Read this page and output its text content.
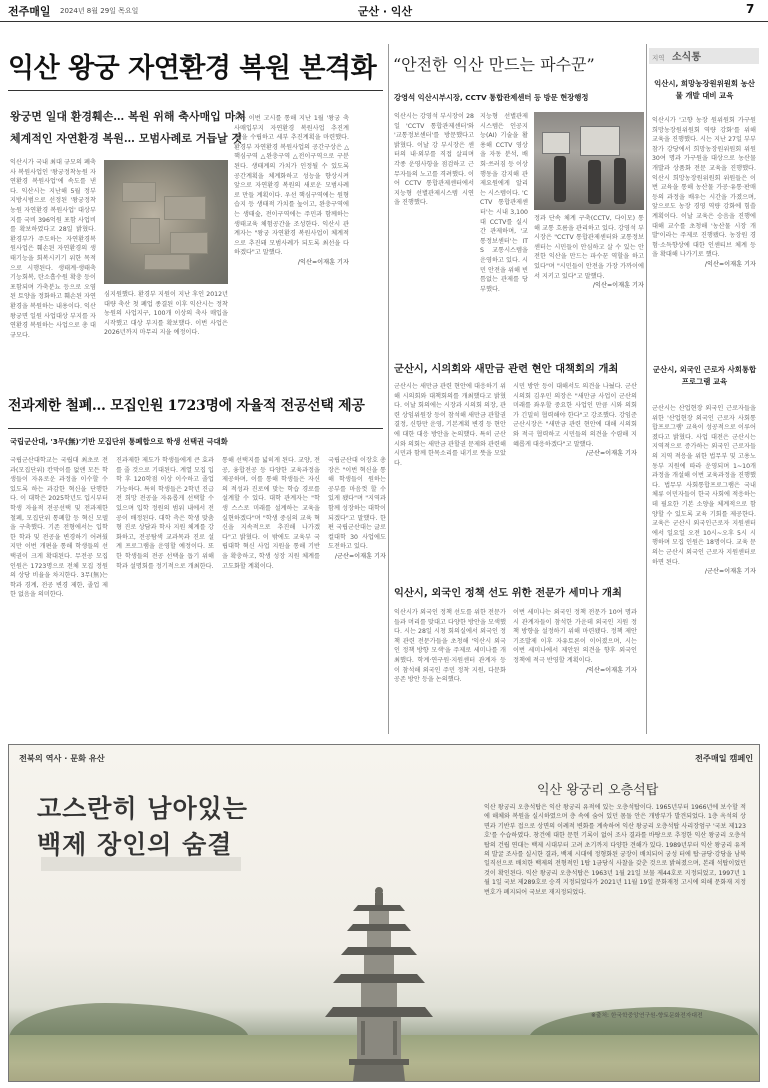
전주매일 2024년 8월 29일 목요일	군산 · 익산	7
익산 왕궁 자연환경 복원 본격화
왕궁면 일대 환경훼손… 복원 위해 축사매입 마쳐
체계적인 자연환경 복원… 모범사례로 거듭날 것
익산시가 국내 최대 규모의 폐축사 복원사업인 '왕궁정착농원 자연환경 복원사업'에 속도를 낸다. 익산시는 지난해 5월 정부 지방시범으로 선정된 '왕궁정착농원 자연환경 복원사업' 대상부지를 국비 396억원 포함 사업비를 확보하였다고 28일 밝혔다. 환경부가 주도하는 자연환경복원사업은 훼손된 자연환경의 생태기능을 회복시키기 위한 목적으로 시행된다. 생태계·생태축 기능회복, 탄소흡수원 확충 등이 포함되며 가축분뇨 등으로 오염된 토양을 정화하고 훼손된 자연환경을 복원하는 내용이다. 익산 왕궁면 일원 사업대상 부지를 자연환경 복원하는 사업으로 총 대규모다.
심지원했다. 환경부 지원이 지난 후인 2012년 대량 축산 첫 폐업 종결된 이후 익산시는 정착농원의 사업지구, 100개 이상의 축사 매입을 시작했고 대상 부지를 확보했다. 이번 사업은 2026년까지 마무리 지을 예정이다.
시는 이번 고시를 통해 지난 1월 '왕궁 축사매입부지 자연환경 복원사업 추진계획'을 수립하고 세부 추진계획을 마련했다. 환경부 자연환경 복원사업의 공간구상은 △핵심구역 △완충구역 △전이구역으로 구분된다. 생태계의 가치가 인정될 수 있도록 공간계획을 체계화하고 성능을 향상시켜 앞으로 자연환경 복원의 새로운 모범사례로 만들 계획이다. 우선 핵심구역에는 원형습지 등 생태적 가치를 높이고, 완충구역에는 생태숲, 전이구역에는 주민과 함께하는 생태교육 체험공간을 조성한다. 익산시 관계자는 "왕궁 자연환경 복원사업이 체계적으로 추진돼 모범사례가 되도록 최선을 다하겠다"고 말했다.
/익산=이재훈 기자
“안전한 익산 만드는 파수꾼”
강영석 익산시부시장, CCTV 통합관제센터 등 방문 현장행정
익산시는 강영석 부시장이 28일 'CCTV 통합관제센터'와 '교통정보센터'를 방문했다고 밝혔다. 이날 강 부시장은 센터의 내·외부를 직접 살피며 각종 운영사항을 점검하고 근무자들의 노고를 격려했다. 이어 CCTV 통합관제센터에서 지능형 선별관제시스템 시연을 진행했다.
지능형 선별관제시스템은 인공지능(AI) 기술을 활용해 CCTV 영상을 자동 분석, 배회·쓰러짐 등 이상 행동을 감지해 관제요원에게 알리는 시스템이다. 'CCTV 통합관제센터'는 시내 3,100대 CCTV를 실시간 관제하며, '교통정보센터'는 ITS 교통시스템을 운영하고 있다. 시민 안전을 위해 빈틈없는 관제를 당부했다.
정과 단속 체계 구축(CCTV, 다이모) 통해 교통 흐름을 관리하고 있다. 강영석 부시장은 "CCTV 통합관제센터와 교통정보센터는 시민들이 안심하고 살 수 있는 안전한 익산을 만드는 파수꾼 역할을 하고 있다"며 "시민들이 안전을 가장 가까이에서 지키고 있다"고 말했다.
/익산=이재훈 기자
지역 소식통
익산시, 희망농장원위원회 농산물 개발 대비 교육
익산시가 '고향 농장 원위원회 가구원 희망농장원위원회 역량 강화'를 위해 교육을 진행했다. 시는 지난 27일 부부참가 강당에서 희망농장원위원회 위원 30여 명과 가구원을 대상으로 농산물 개발과 상품화 전문 교육을 진행했다. 익산시 희망농장원위원회 위원들은 이번 교육을 통해 농산물 가공·유통·판매 등의 과정을 배우는 시간을 가졌으며, 앞으로도 농장 경영 역량 강화에 힘쓸 계획이다. 이날 교육은 승음을 진행에 대해 교수를 초청해 '농산물 시장 개발'이라는 주제로 진행됐다. 농장원 경험·소득향상에 대한 인센티브 체계 등을 확대해 나가기로 했다.
/익산=이재훈 기자
군산시, 외국인 근로자 사회통합프로그램 교육
군산시는 산업현장 외국인 근로자들을 위한 '산업현장 외국인 근로자 사회통합프로그램' 교육이 성공적으로 이루어졌다고 밝혔다. 사업 대전은 군산시는 지역적으로 증가하는 외국인 근로자들의 지역 적응을 위한 법무부 및 고용노동부 지원에 따라 운영되며 1~10개 과정을 개설해 이번 교육과정을 진행했다. 법무부 사회통합프로그램은 국내 체류 이민자들이 한국 사회에 적응하는 데 필요한 기본 소양을 체계적으로 함양할 수 있도록 교육 기회를 제공한다. 교육은 군산시 외국인근로자 지원센터에서 일요일 오전 10시~오후 5시 시행하며 모집 인원은 18명이다. 교육 문의는 군산시 외국인 근로자 지원센터로 하면 된다.
/군산=이재훈 기자
전과제한 철폐… 모집인원 1723명에 자율적 전공선택 제공
국립군산대, '3무(無)'기반 모집단위 통폐합으로 학생 선택권 극대화
국립군산대학교는 국립대 최초로 전과(모집단위) 칸막이를 없앤 모든 학생들이 자유로운 과정을 이수할 수 있도록 하는 과감한 혁신을 단행한다. 이 대학은 2025학년도 입시부터 학생 자율적 전공선택 및 전과제한 철폐, 모집단위 통폐합 등 혁신 모델을 구축했다. 기존 전형에서는 입학한 학과 및 전공을 변경하기 어려웠지만 이번 개편을 통해 학생들의 선택권이 크게 확대된다. 무전공 모집 인원은 1723명으로 전체 모집 정원의 상당 비율을 차지한다. 3무(無)는 학과 경계, 전공 변경 제한, 졸업 제한 없음을 의미한다.
진과제한 제도가 학생들에게 큰 효과를 줄 것으로 기대된다. 계열 모집 입학 후 120학점 이상 이수하고 졸업 가능하다. 특히 학생들은 2학년 진급 전 희망 전공을 자유롭게 선택할 수 있으며 입학 정원의 범위 내에서 전공이 배정된다. 대학 측은 학생 맞춤형 진로 상담과 학사 지원 체계를 강화하고, 전공탐색 교과목과 진로 설계 프로그램을 운영할 예정이다. 또한 학생들의 전공 선택을 돕기 위해 학과 설명회를 정기적으로 개최한다.
통해 선택지를 넓히게 된다. 교양, 전공, 융합전공 등 다양한 교육과정을 제공하며, 이를 통해 학생들은 자신의 적성과 진로에 맞는 학습 경로를 설계할 수 있다. 대학 관계자는 "학생 스스로 미래를 설계하는 교육을 실현하겠다"며 "학생 중심의 교육 혁신을 지속적으로 추진해 나가겠다"고 밝혔다. 이 밖에도 교육부 국립대학 혁신 사업 지원을 통해 기반을 확충하고, 학생 성장 지원 체계를 고도화할 계획이다.
국립군산대 이장호 총장은 "이번 혁신을 통해 학생들이 원하는 공부를 마음껏 할 수 있게 됐다"며 "지역과 함께 성장하는 대학이 되겠다"고 말했다. 한편 국립군산대는 글로컬대학 30 사업에도 도전하고 있다.
/군산=이재훈 기자
군산시, 시의회와 새만금 관련 현안 대책회의 개최
군산시는 새만금 관련 현안에 대응하기 위해 시의회와 대책회의를 개최했다고 밝혔다. 이날 회의에는 시장과 시의회 의장, 관련 상임위원장 등이 참석해 새만금 관할권 결정, 신항만 운영, 기본계획 변경 등 현안에 대한 대응 방안을 논의했다. 특히 군산시와 의회는 새만금 관할권 문제와 관련해 시민과 함께 한목소리를 내기로 뜻을 모았다.
시민 방안 등이 대해서도 의견을 나눴다. 군산시의회 김우민 의장은 "새만금 사업이 군산의 미래를 좌우할 중요한 사업인 만큼 시와 의회가 긴밀히 협력해야 한다"고 강조했다. 강임준 군산시장은 "새만금 관련 현안에 대해 시의회와 적극 협력하고 시민들의 의견을 수렴해 지혜롭게 대응하겠다"고 말했다.
/군산=이재훈 기자
익산시, 외국인 정책 선도 위한 전문가 세미나 개최
익산시가 외국인 정책 선도를 위한 전문가들과 머리를 맞대고 다양한 방안을 모색했다. 시는 28일 시청 회의실에서 외국인 정책 관련 전문가들을 초청해 '익산시 외국인 정책 방향 모색'을 주제로 세미나를 개최했다. 학계·연구원·지원센터 관계자 등이 참석해 외국인 주민 정착 지원, 다문화 공존 방안 등을 논의했다.
이번 세미나는 외국인 정책 전문가 10여 명과 시 관계자들이 참석한 가운데 외국인 지원 정책 방향을 설정하기 위해 마련됐다. 정책 제안 기조발제 이후 자유토론이 이어졌으며, 시는 이번 세미나에서 제안된 의견을 향후 외국인 정책에 적극 반영할 계획이다.
/익산=이재훈 기자
전북의 역사 · 문화 유산	전주매일 캠페인
고스란히 남아있는
백제 장인의 숨결
익산 왕궁리 오층석탑
익산 왕궁리 오층석탑은 익산 왕궁리 유적에 있는 오층석탑이다. 1965년부터 1966년에 보수할 적에 해체와 복원을 실시하였으며 층 속에 숨어 있던 몸돌 안은 개방부가 발견되었다. 1층 옥석의 상면과 기반부 접으로 상면의 이례적 변화를 계속하여 익산 왕궁리 오층석탑 사리장엄구 '국보 제123호'를 수습하였다. 창건에 대한 문헌 기록이 없어 조사 결과를 바탕으로 추정한 익산 왕궁리 오층석탑의 건립 연대는 백제 시대부터 고려 초기까지 다양한 견해가 있다. 1989년부터 익산 왕궁리 유적의 발굴 조사를 실시한 결과, 백제 시대에 정형화된 궁장이 배치되어 궁성 터에 탑·금당·강당을 남북 일직선으로 배치한 백제의 전형적인 1탑 1금당식 사찰을 갖춘 것으로 밝혀졌으며, 본래 석탑이었던 것이 확인된다. 익산 왕궁리 오층석탑은 1963년 1월 21일 보물 제44호로 지정되었고, 1997년 1월 1일 국보 제289호로 승격 지정되었다가 2021년 11월 19일 문화재청 고시에 의해 문화재 지정번호가 폐지되어 국보로 재지정되었다.
※출처: 한국학중앙연구원-향토문화전자대전
